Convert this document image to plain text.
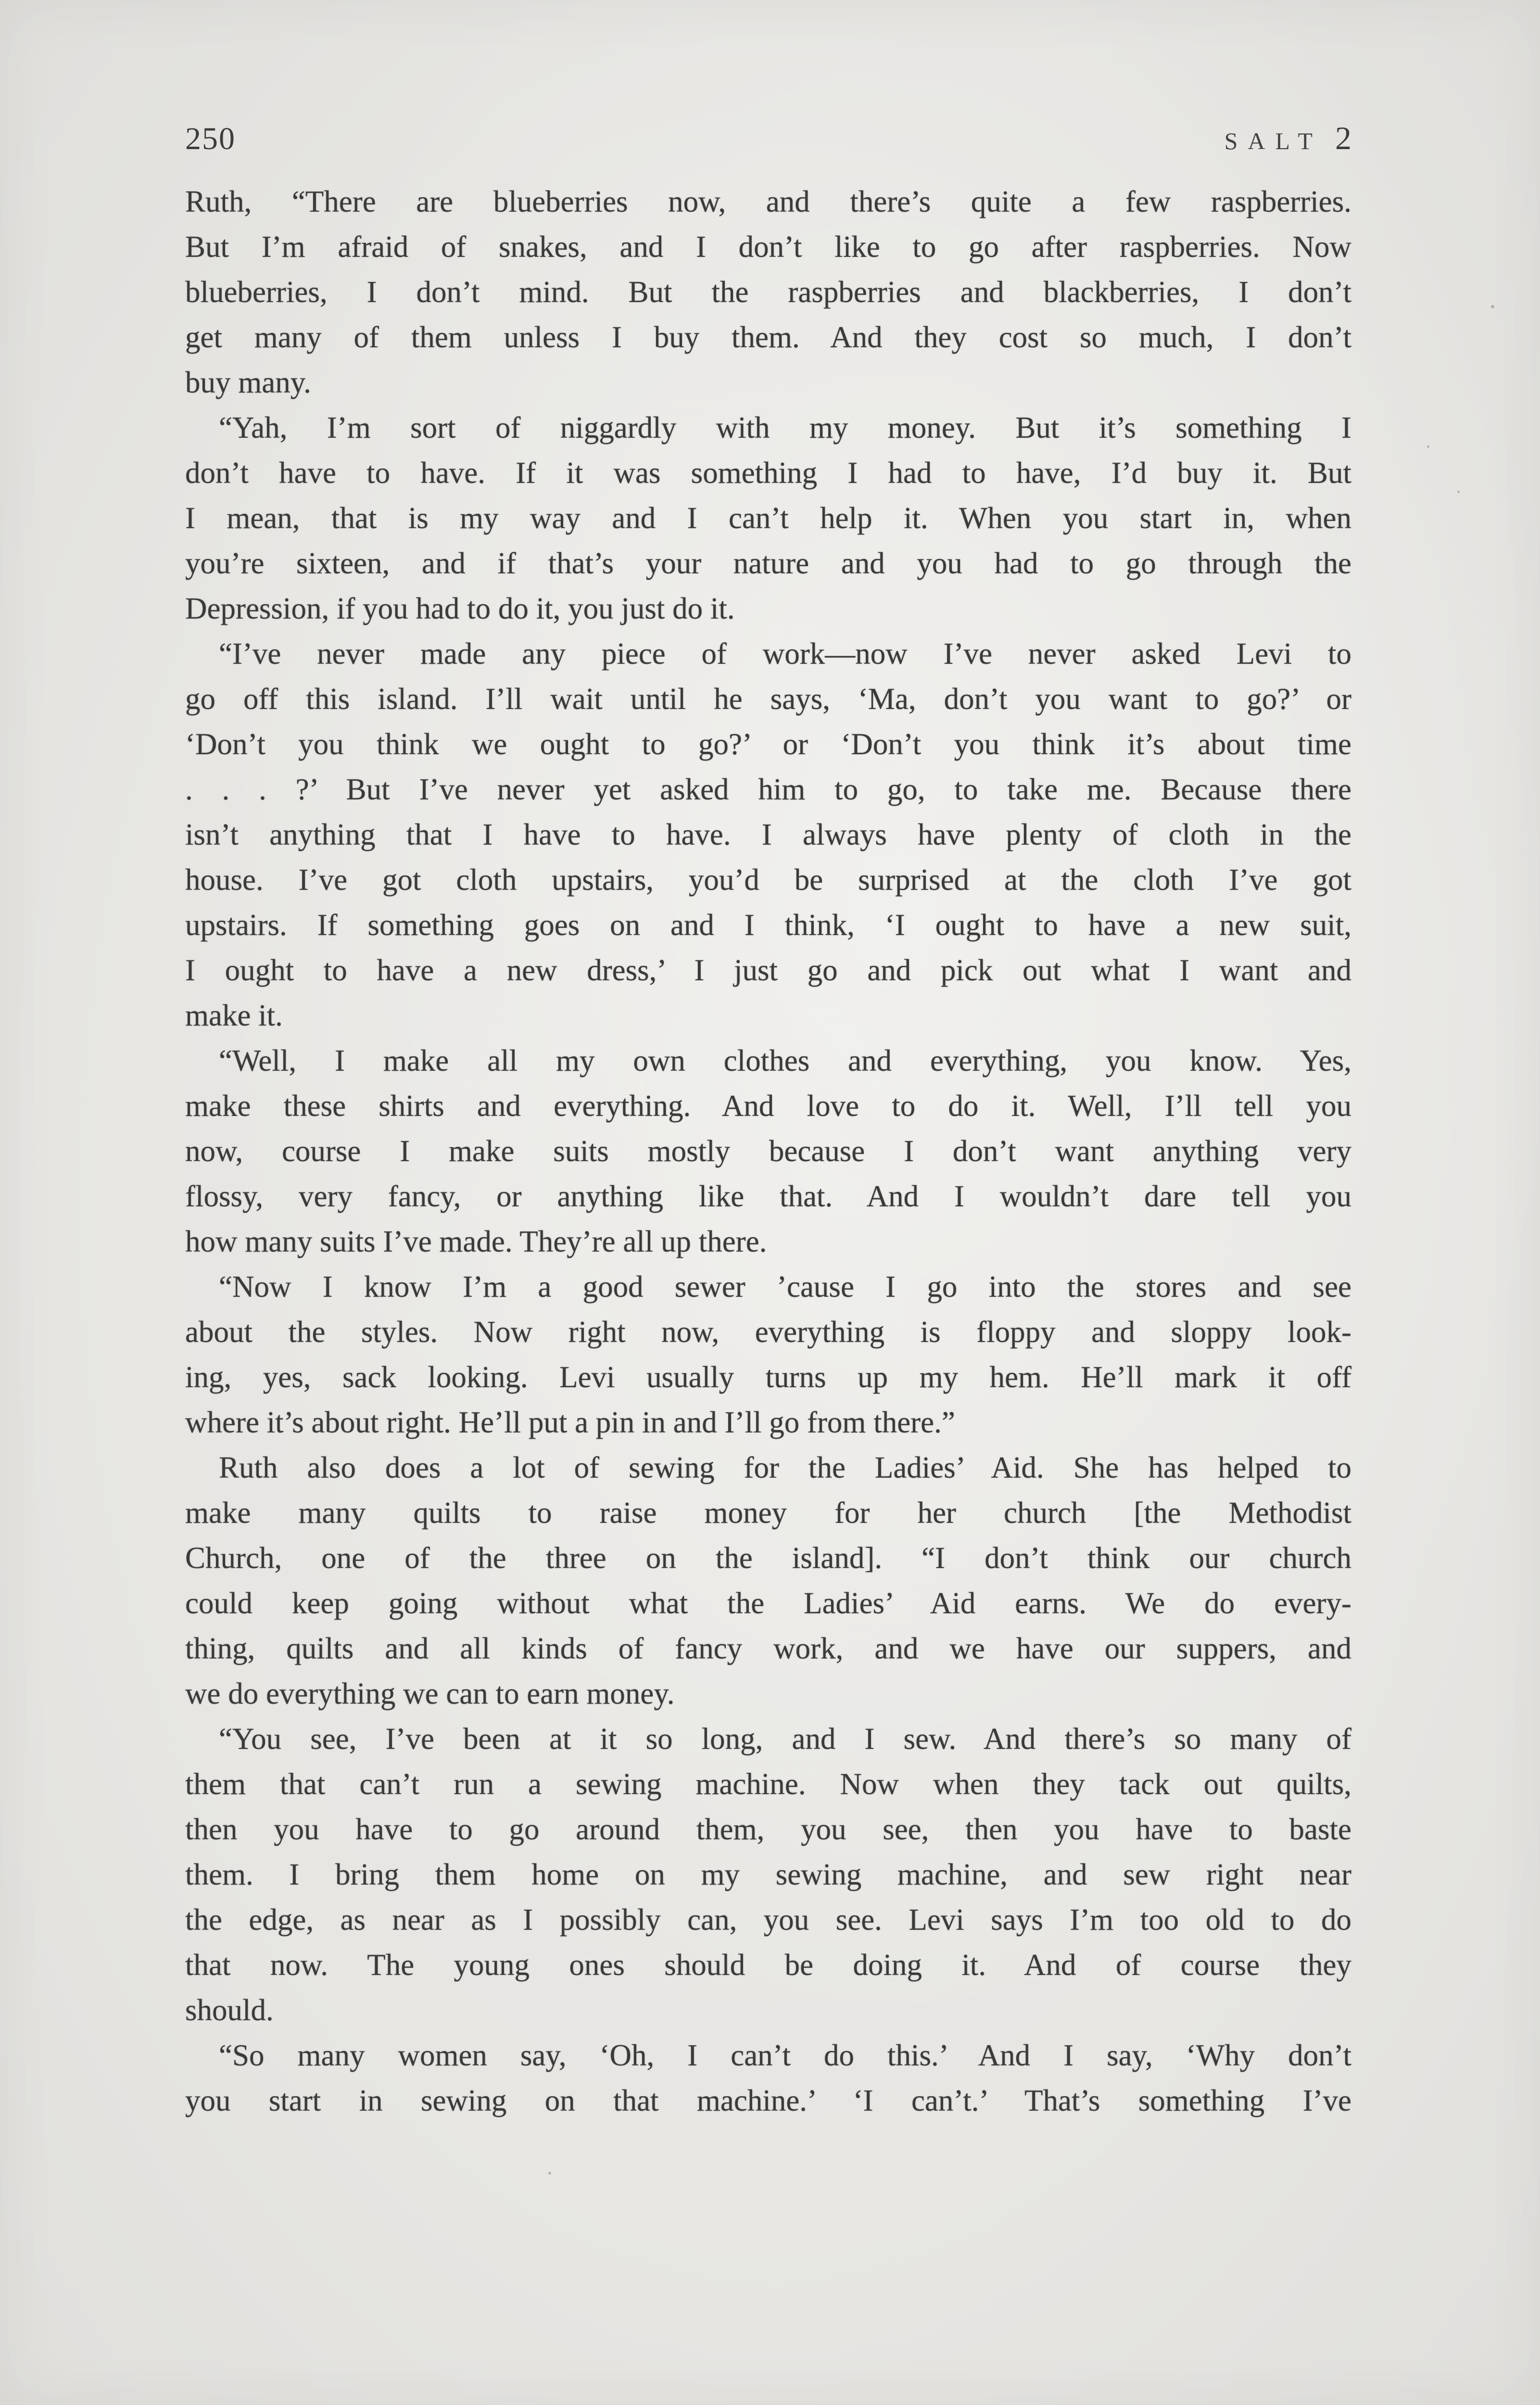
250	SALT 2
Ruth, “There are blueberries now, and there’s quite a few raspberries.
But I’m afraid of snakes, and I don’t like to go after raspberries. Now
blueberries, I don’t mind. But the raspberries and blackberries, I don’t
get many of them unless I buy them. And they cost so much, I don’t
buy many.
“Yah, I’m sort of niggardly with my money. But it’s something I
don’t have to have. If it was something I had to have, I’d buy it. But
I mean, that is my way and I can’t help it. When you start in, when
you’re sixteen, and if that’s your nature and you had to go through the
Depression, if you had to do it, you just do it.
“I’ve never made any piece of work—now I’ve never asked Levi to
go off this island. I’ll wait until he says, ‘Ma, don’t you want to go?’ or
‘Don’t you think we ought to go?’ or ‘Don’t you think it’s about time
. . . ?’ But I’ve never yet asked him to go, to take me. Because there
isn’t anything that I have to have. I always have plenty of cloth in the
house. I’ve got cloth upstairs, you’d be surprised at the cloth I’ve got
upstairs. If something goes on and I think, ‘I ought to have a new suit,
I ought to have a new dress,’ I just go and pick out what I want and
make it.
“Well, I make all my own clothes and everything, you know. Yes,
make these shirts and everything. And love to do it. Well, I’ll tell you
now, course I make suits mostly because I don’t want anything very
flossy, very fancy, or anything like that. And I wouldn’t dare tell you
how many suits I’ve made. They’re all up there.
“Now I know I’m a good sewer ’cause I go into the stores and see
about the styles. Now right now, everything is floppy and sloppy look-
ing, yes, sack looking. Levi usually turns up my hem. He’ll mark it off
where it’s about right. He’ll put a pin in and I’ll go from there.”
Ruth also does a lot of sewing for the Ladies’ Aid. She has helped to
make many quilts to raise money for her church [the Methodist
Church, one of the three on the island]. “I don’t think our church
could keep going without what the Ladies’ Aid earns. We do every-
thing, quilts and all kinds of fancy work, and we have our suppers, and
we do everything we can to earn money.
“You see, I’ve been at it so long, and I sew. And there’s so many of
them that can’t run a sewing machine. Now when they tack out quilts,
then you have to go around them, you see, then you have to baste
them. I bring them home on my sewing machine, and sew right near
the edge, as near as I possibly can, you see. Levi says I’m too old to do
that now. The young ones should be doing it. And of course they
should.
“So many women say, ‘Oh, I can’t do this.’ And I say, ‘Why don’t
you start in sewing on that machine.’ ‘I can’t.’ That’s something I’ve
